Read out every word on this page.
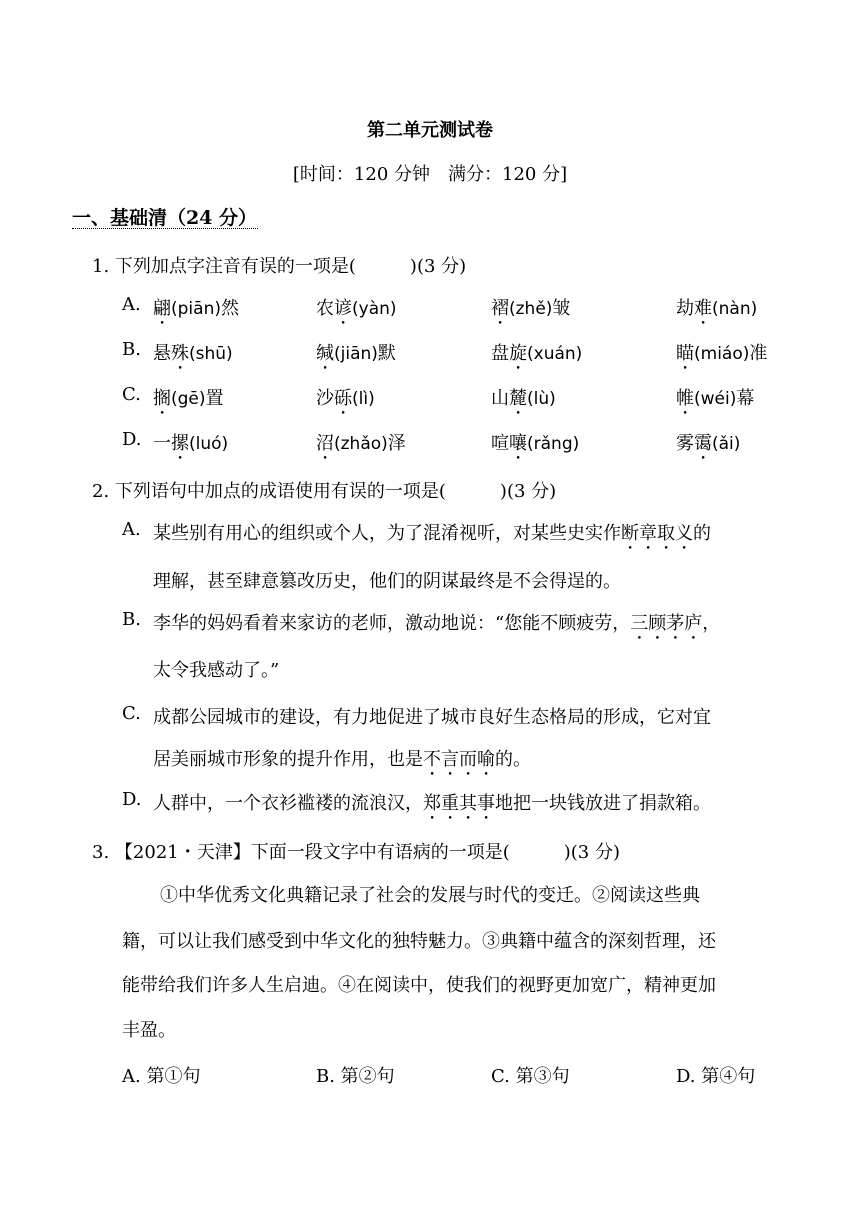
第二单元测试卷
[时间：120 分钟　满分：120 分]
一、基础清（24 分）
1. 下列加点字注音有误的一项是(　　　)(3 分)
A. 翩(piān)然	农谚(yàn)	褶(zhě)皱	劫难(nàn)
B. 悬殊(shū)	缄(jiān)默	盘旋(xuán)	瞄(miáo)准
C. 搁(gē)置	沙砾(lì)	山麓(lù)	帷(wéi)幕
D. 一摞(luó)	沼(zhǎo)泽	喧嚷(rǎng)	雾霭(ǎi)
2. 下列语句中加点的成语使用有误的一项是(　　　)(3 分)
A. 某些别有用心的组织或个人，为了混淆视听，对某些史实作断章取义的
理解，甚至肆意篡改历史，他们的阴谋最终是不会得逞的。
B. 李华的妈妈看着来家访的老师，激动地说：“您能不顾疲劳，三顾茅庐，
太令我感动了。”
C. 成都公园城市的建设，有力地促进了城市良好生态格局的形成，它对宜
居美丽城市形象的提升作用，也是不言而喻的。
D. 人群中，一个衣衫褴褛的流浪汉，郑重其事地把一块钱放进了捐款箱。
3. 【2021・天津】下面一段文字中有语病的一项是(　　　)(3 分)
①中华优秀文化典籍记录了社会的发展与时代的变迁。②阅读这些典
籍，可以让我们感受到中华文化的独特魅力。③典籍中蕴含的深刻哲理，还
能带给我们许多人生启迪。④在阅读中，使我们的视野更加宽广，精神更加
丰盈。
A. 第①句	B. 第②句	C. 第③句	D. 第④句
